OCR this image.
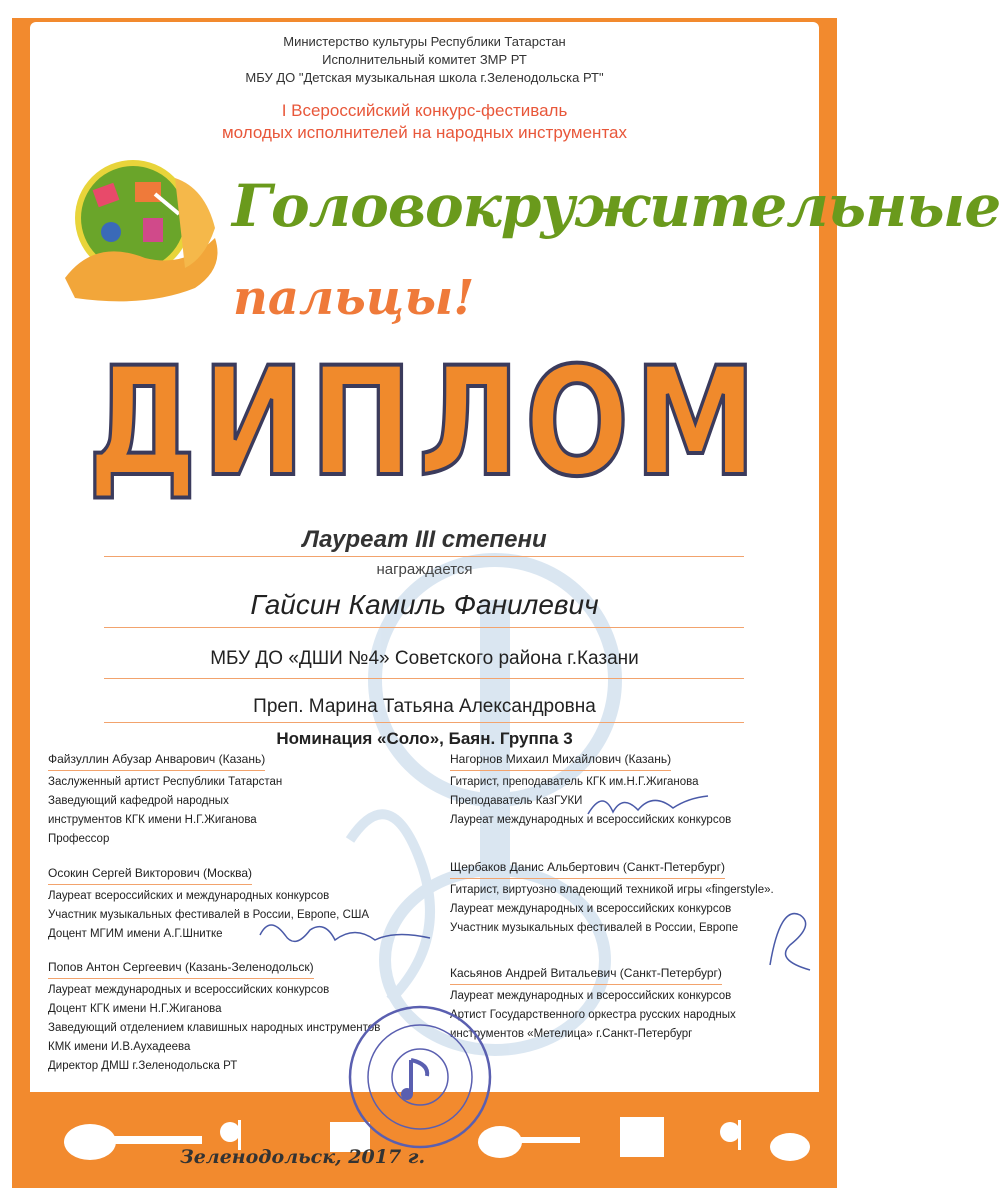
Министерство культуры Республики Татарстан
Исполнительный комитет ЗМР РТ
МБУ ДО "Детская музыкальная школа г.Зеленодольска РТ"
I Всероссийский конкурс-фестиваль
молодых исполнителей на народных инструментах
Головокружительные
пальцы!
ДИПЛОМ
Лауреат III степени
награждается
Гайсин Камиль Фанилевич
МБУ ДО «ДШИ №4» Советского района г.Казани
Преп. Марина Татьяна Александровна
Номинация «Соло», Баян. Группа 3
Файзуллин Абузар Анварович (Казань)
Заслуженный артист Республики Татарстан
Заведующий кафедрой народных
инструментов КГК имени Н.Г.Жиганова
Профессор
Осокин Сергей Викторович (Москва)
Лауреат всероссийских и международных конкурсов
Участник музыкальных фестивалей в России, Европе, США
Доцент МГИМ имени А.Г.Шнитке
Попов Антон Сергеевич (Казань-Зеленодольск)
Лауреат международных и всероссийских конкурсов
Доцент КГК имени Н.Г.Жиганова
Заведующий отделением клавишных народных инструментов
КМК имени И.В.Аухадеева
Директор ДМШ г.Зеленодольска РТ
Нагорнов Михаил Михайлович (Казань)
Гитарист, преподаватель КГК им.Н.Г.Жиганова
Преподаватель КазГУКИ
Лауреат международных и всероссийских конкурсов
Щербаков Данис Альбертович (Санкт-Петербург)
Гитарист, виртуозно владеющий техникой игры «fingerstyle».
Лауреат международных и всероссийских конкурсов
Участник музыкальных фестивалей в России, Европе
Касьянов Андрей Витальевич (Санкт-Петербург)
Лауреат международных и всероссийских конкурсов
Артист Государственного оркестра русских народных
инструментов «Метелица» г.Санкт-Петербург
Зеленодольск, 2017 г.
